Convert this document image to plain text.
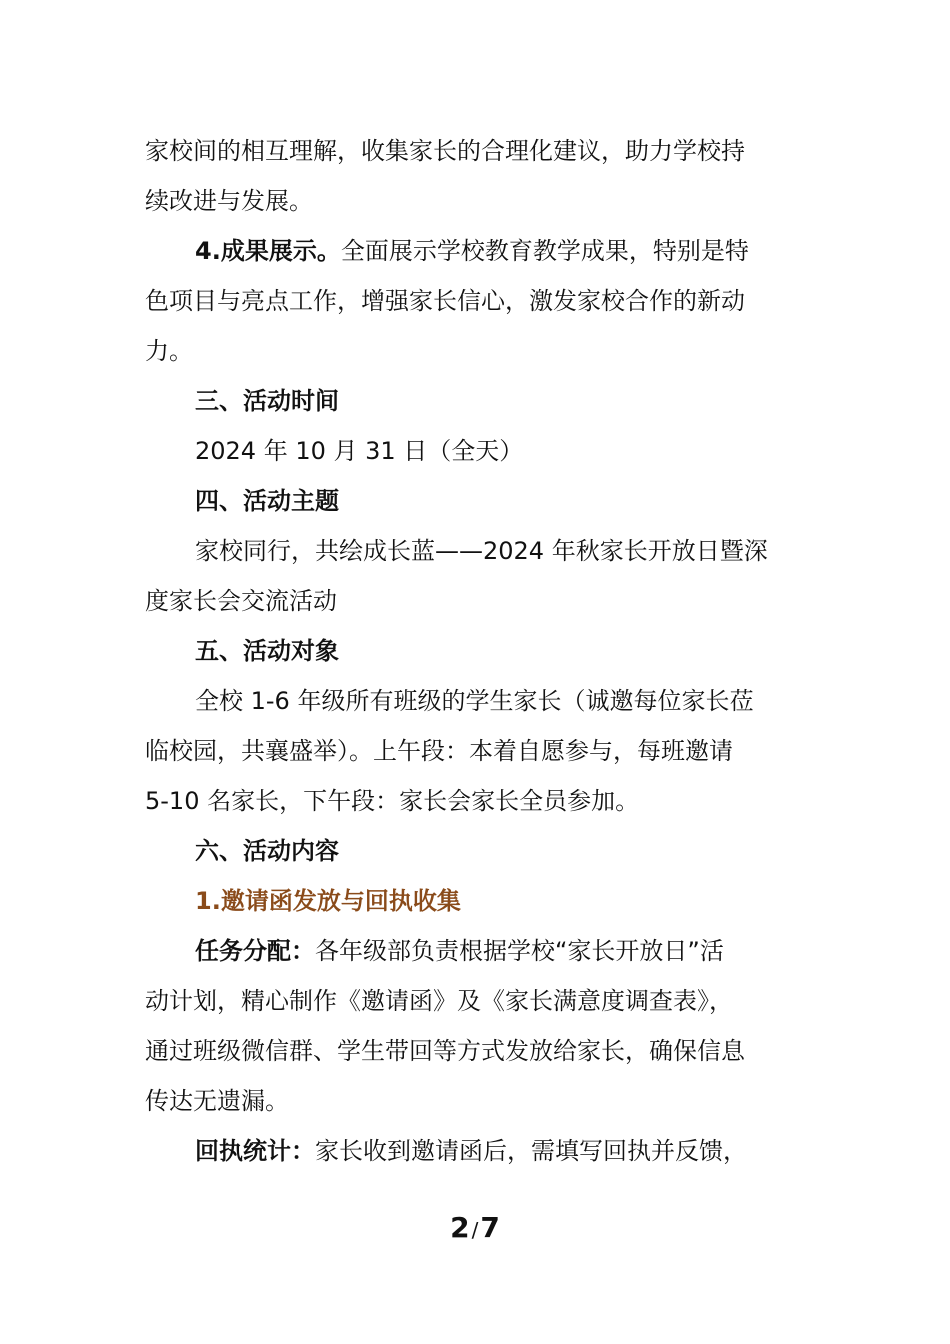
家校间的相互理解，收集家长的合理化建议，助力学校持
续改进与发展。
4.成果展示。全面展示学校教育教学成果，特别是特
色项目与亮点工作，增强家长信心，激发家校合作的新动
力。
三、活动时间
2024 年 10 月 31 日（全天）
四、活动主题
家校同行，共绘成长蓝——2024 年秋家长开放日暨深
度家长会交流活动
五、活动对象
全校 1-6 年级所有班级的学生家长（诚邀每位家长莅
临校园，共襄盛举）。上午段：本着自愿参与，每班邀请
5-10 名家长，下午段：家长会家长全员参加。
六、活动内容
1.邀请函发放与回执收集
任务分配：各年级部负责根据学校“家长开放日”活
动计划，精心制作《邀请函》及《家长满意度调查表》，
通过班级微信群、学生带回等方式发放给家长，确保信息
传达无遗漏。
回执统计：家长收到邀请函后，需填写回执并反馈，
2 /7
